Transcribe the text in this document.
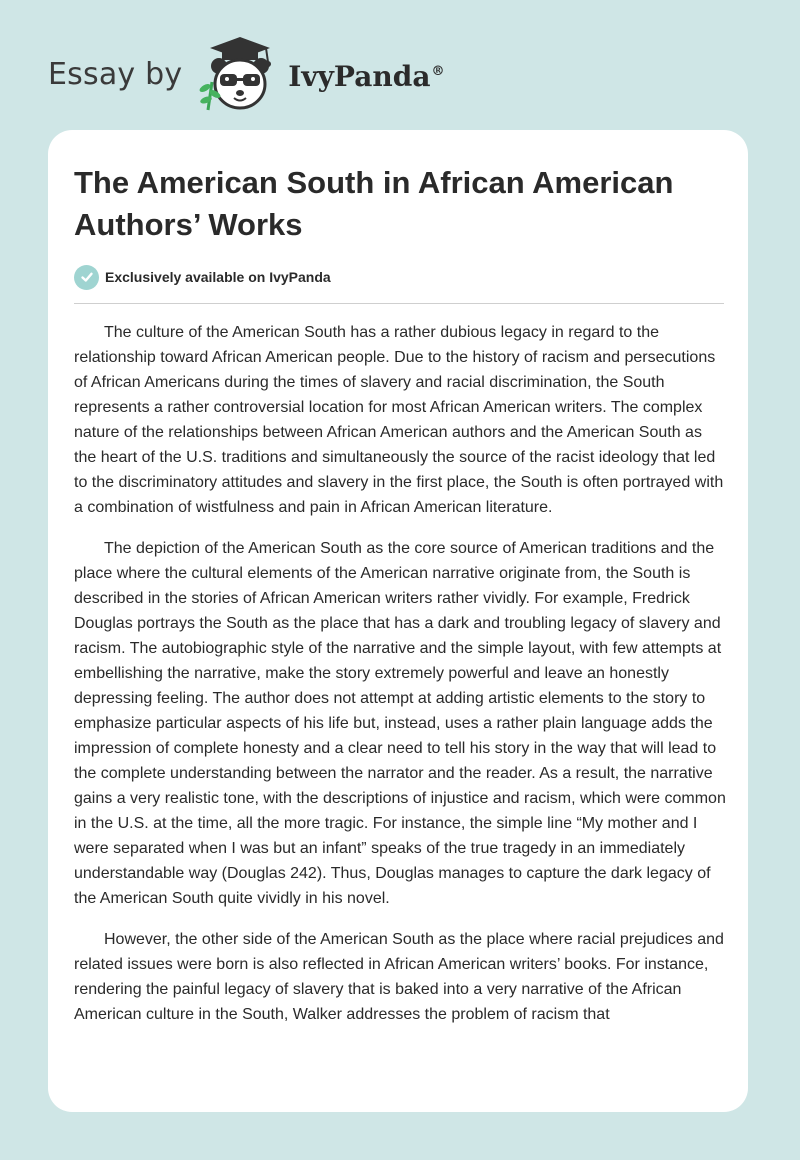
Essay by	IvyPanda®
The American South in African American Authors’ Works
Exclusively available on IvyPanda

The culture of the American South has a rather dubious legacy in regard to the relationship toward African American people. Due to the history of racism and persecutions of African Americans during the times of slavery and racial discrimination, the South represents a rather controversial location for most African American writers. The complex nature of the relationships between African American authors and the American South as the heart of the U.S. traditions and simultaneously the source of the racist ideology that led to the discriminatory attitudes and slavery in the first place, the South is often portrayed with a combination of wistfulness and pain in African American literature.

The depiction of the American South as the core source of American traditions and the place where the cultural elements of the American narrative originate from, the South is described in the stories of African American writers rather vividly. For example, Fredrick Douglas portrays the South as the place that has a dark and troubling legacy of slavery and racism. The autobiographic style of the narrative and the simple layout, with few attempts at embellishing the narrative, make the story extremely powerful and leave an honestly depressing feeling. The author does not attempt at adding artistic elements to the story to emphasize particular aspects of his life but, instead, uses a rather plain language adds the impression of complete honesty and a clear need to tell his story in the way that will lead to the complete understanding between the narrator and the reader. As a result, the narrative gains a very realistic tone, with the descriptions of injustice and racism, which were common in the U.S. at the time, all the more tragic. For instance, the simple line “My mother and I were separated when I was but an infant” speaks of the true tragedy in an immediately understandable way (Douglas 242). Thus, Douglas manages to capture the dark legacy of the American South quite vividly in his novel.

However, the other side of the American South as the place where racial prejudices and related issues were born is also reflected in African American writers’ books. For instance, rendering the painful legacy of slavery that is baked into a very narrative of the African American culture in the South, Walker addresses the problem of racism that
